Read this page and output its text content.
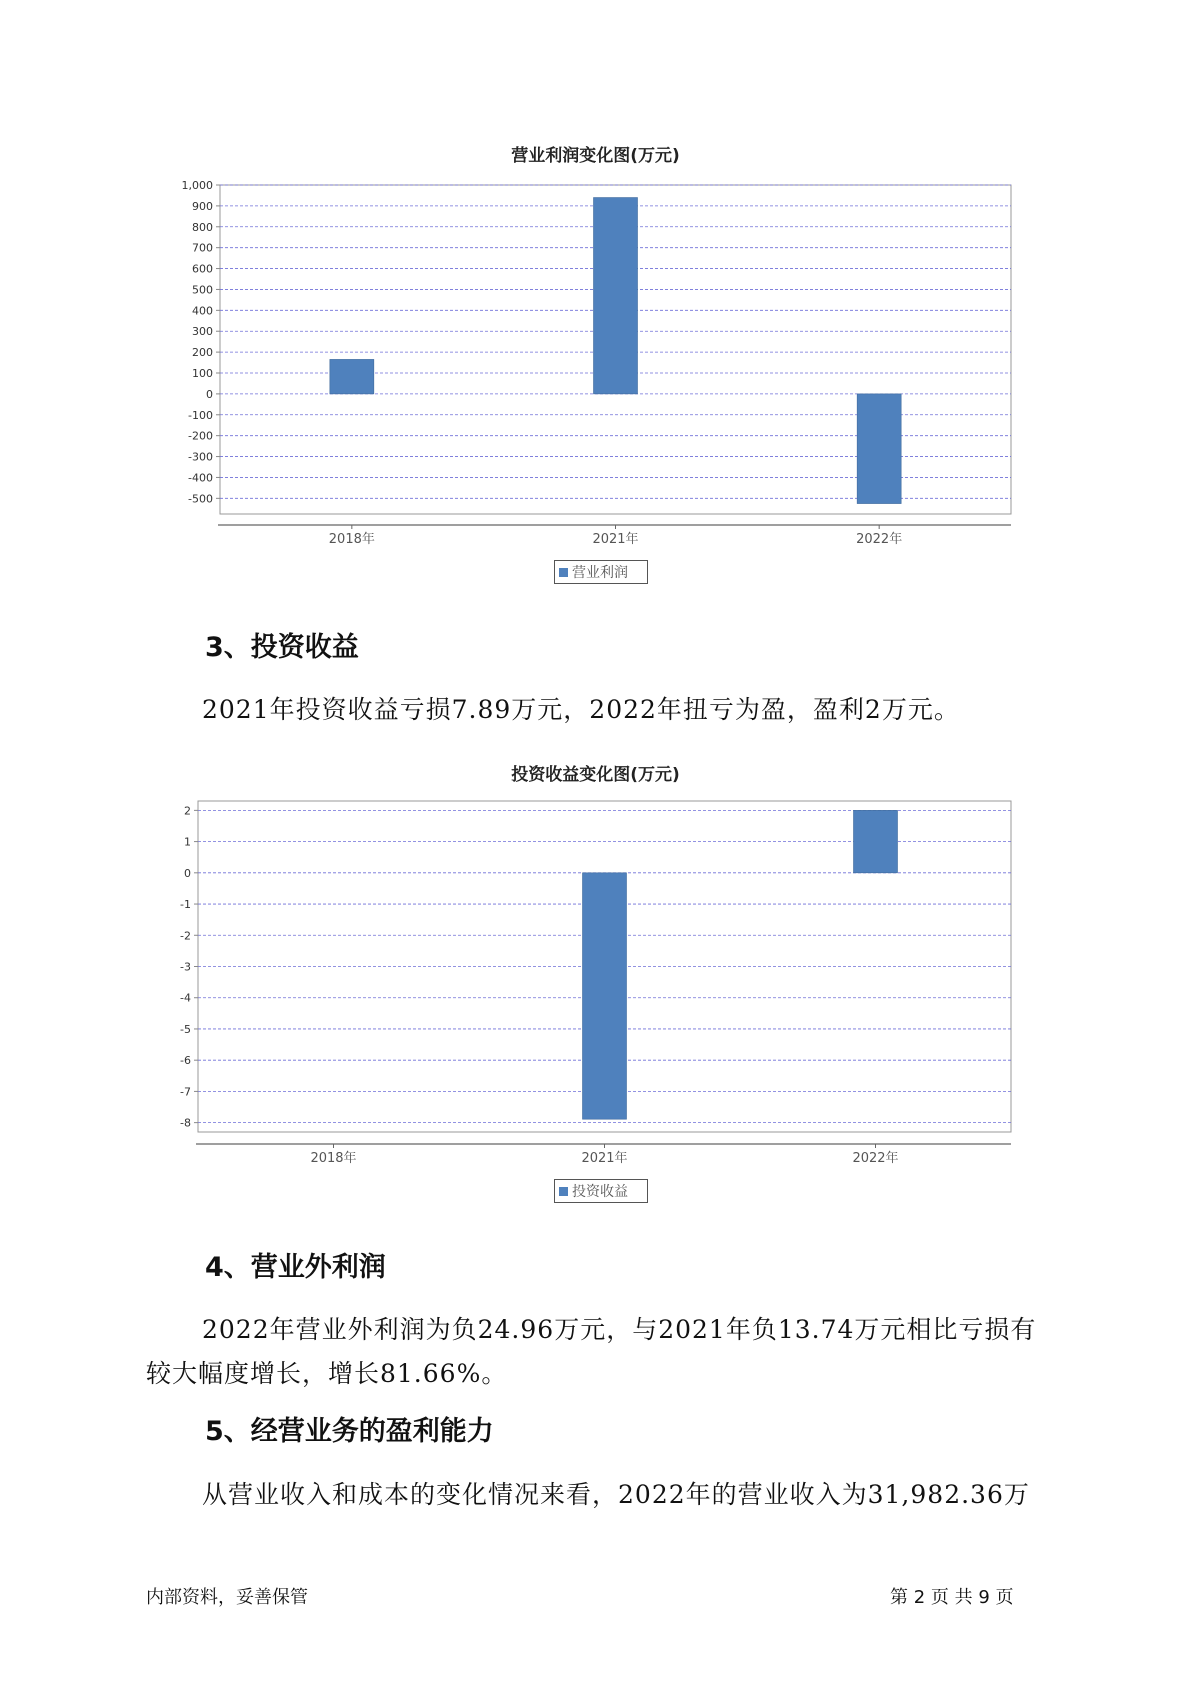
营业利润变化图(万元)
1,000
900
800
700
600
500
400
300
200
100
0
-100
-200
-300
-400
-500
2018年	2021年	2022年
营业利润
3、投资收益

2021年投资收益亏损7.89万元，2022年扭亏为盈，盈利2万元。

投资收益变化图(万元)
2
1
0
-1
-2
-3
-4
-5
-6
-7
-8
2018年	2021年	2022年
投资收益
4、营业外利润

2022年营业外利润为负24.96万元，与2021年负13.74万元相比亏损有
较大幅度增长，增长81.66%。

5、经营业务的盈利能力

从营业收入和成本的变化情况来看，2022年的营业收入为31,982.36万

内部资料，妥善保管	第 2 页 共 9 页
